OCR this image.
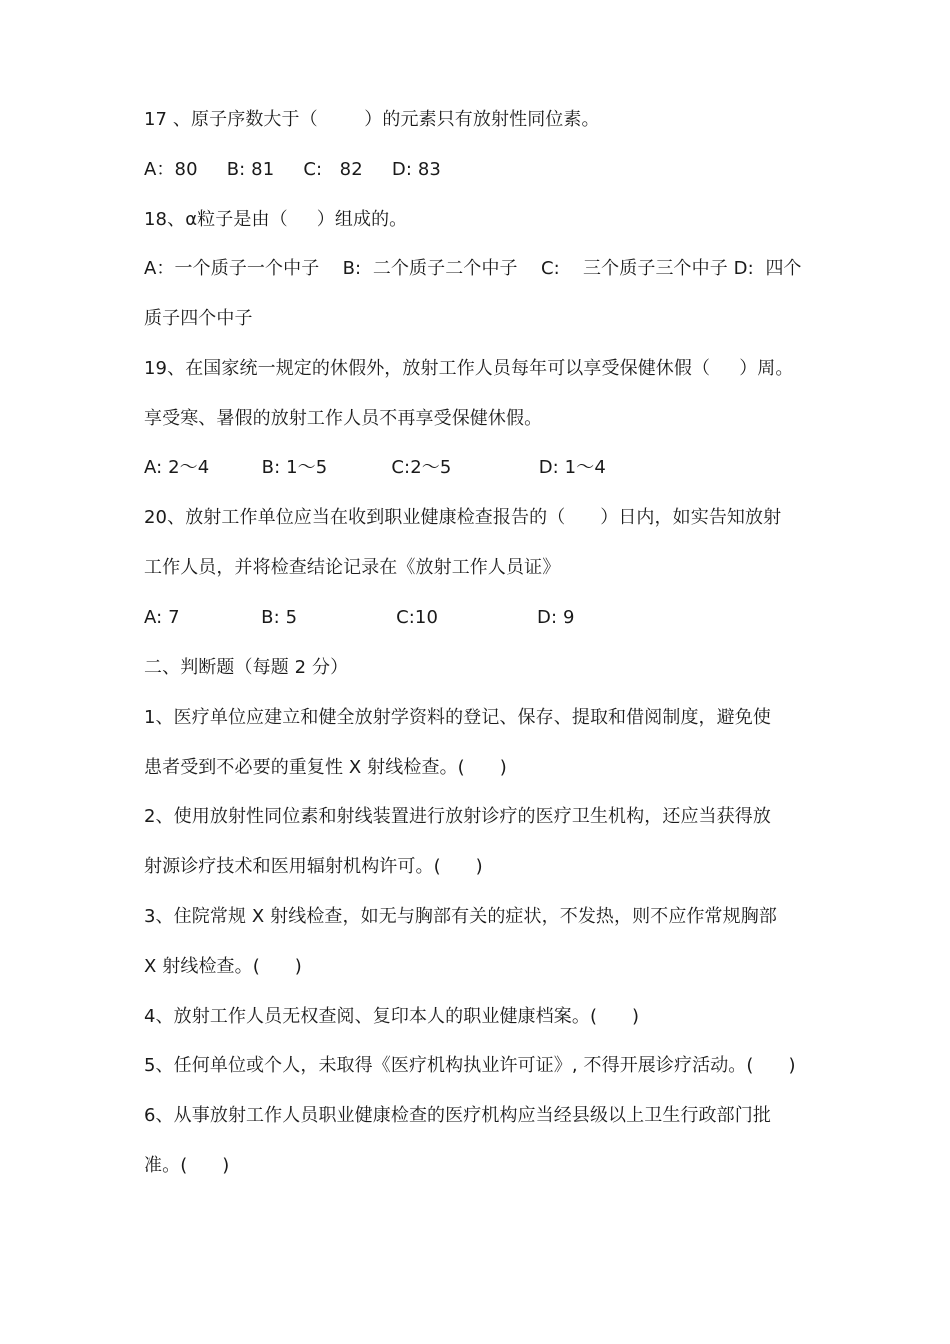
17 、原子序数大于（        ）的元素只有放射性同位素。
A：80     B: 81     C:   82     D: 83
18、α粒子是由（     ）组成的。
A：一个质子一个中子    B:  二个质子二个中子    C:    三个质子三个中子 D:  四个
质子四个中子
19、在国家统一规定的休假外，放射工作人员每年可以享受保健休假（     ）周。
享受寒、暑假的放射工作人员不再享受保健休假。
A: 2～4         B: 1～5           C:2～5               D: 1～4
20、放射工作单位应当在收到职业健康检查报告的（      ）日内，如实告知放射
工作人员，并将检查结论记录在《放射工作人员证》
A: 7              B: 5                 C:10                 D: 9
二、判断题（每题 2 分）
1、医疗单位应建立和健全放射学资料的登记、保存、提取和借阅制度，避免使
患者受到不必要的重复性 X 射线检查。(      )
2、使用放射性同位素和射线装置进行放射诊疗的医疗卫生机构，还应当获得放
射源诊疗技术和医用辐射机构许可。(      )
3、住院常规 X 射线检查，如无与胸部有关的症状，不发热，则不应作常规胸部
X 射线检查。(      )
4、放射工作人员无权查阅、复印本人的职业健康档案。(      )
5、任何单位或个人，未取得《医疗机构执业许可证》, 不得开展诊疗活动。(      )
6、从事放射工作人员职业健康检查的医疗机构应当经县级以上卫生行政部门批
准。(      )
